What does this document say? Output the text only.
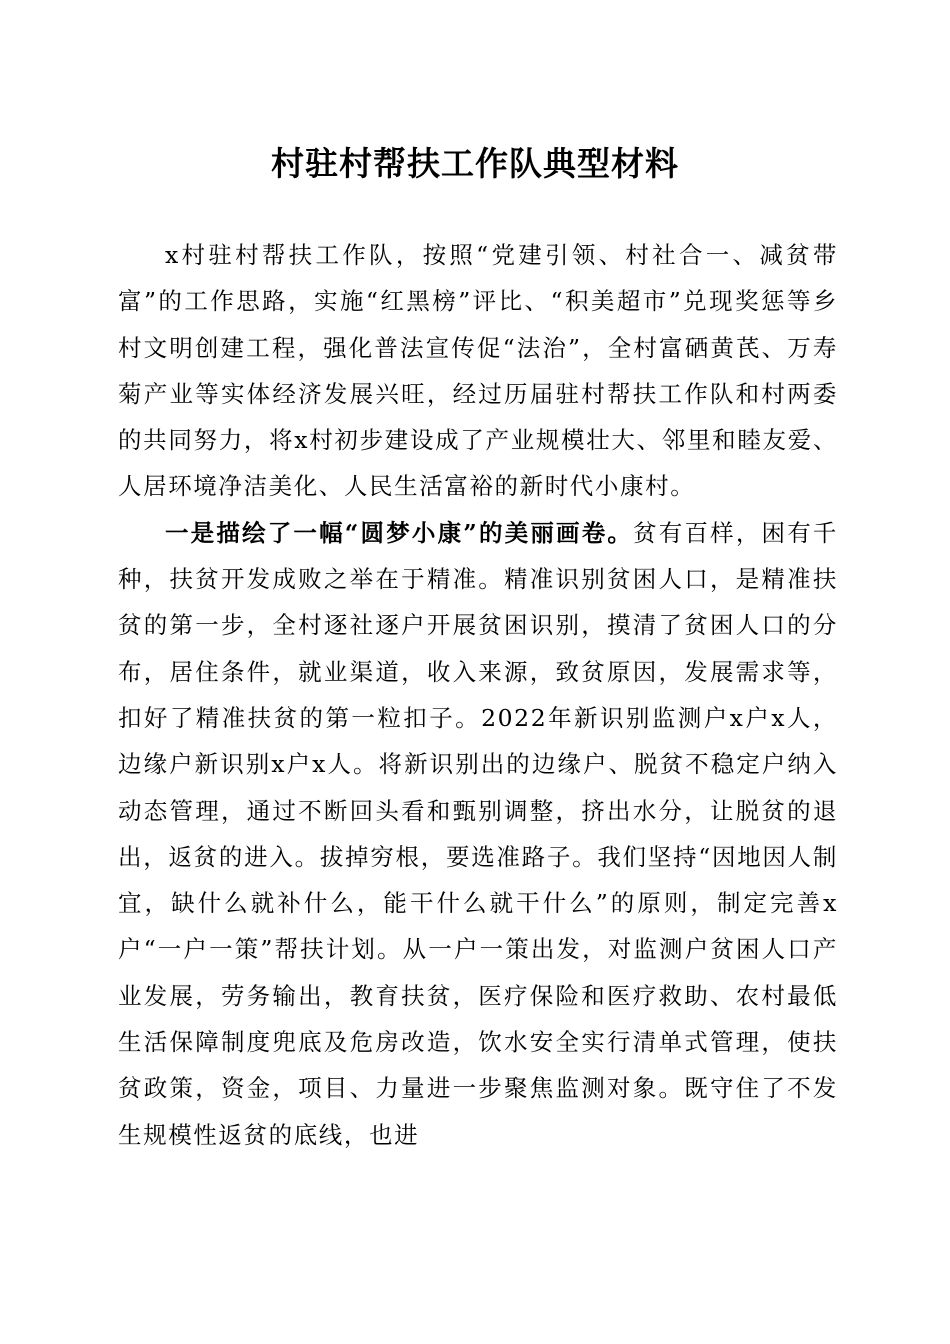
村驻村帮扶工作队典型材料

x村驻村帮扶工作队，按照“党建引领、村社合一、减贫带富”的工作思路，实施“红黑榜”评比、“积美超市”兑现奖惩等乡村文明创建工程，强化普法宣传促“法治”，全村富硒黄芪、万寿菊产业等实体经济发展兴旺，经过历届驻村帮扶工作队和村两委的共同努力，将x村初步建设成了产业规模壮大、邻里和睦友爱、人居环境净洁美化、人民生活富裕的新时代小康村。

一是描绘了一幅“圆梦小康”的美丽画卷。贫有百样，困有千种，扶贫开发成败之举在于精准。精准识别贫困人口，是精准扶贫的第一步，全村逐社逐户开展贫困识别，摸清了贫困人口的分布，居住条件，就业渠道，收入来源，致贫原因，发展需求等，扣好了精准扶贫的第一粒扣子。2022年新识别监测户x户x人，边缘户新识别x户x人。将新识别出的边缘户、脱贫不稳定户纳入动态管理，通过不断回头看和甄别调整，挤出水分，让脱贫的退出，返贫的进入。拔掉穷根，要选准路子。我们坚持“因地因人制宜，缺什么就补什么，能干什么就干什么”的原则，制定完善x户“一户一策”帮扶计划。从一户一策出发，对监测户贫困人口产业发展，劳务输出，教育扶贫，医疗保险和医疗救助、农村最低生活保障制度兜底及危房改造，饮水安全实行清单式管理，使扶贫政策，资金，项目、力量进一步聚焦监测对象。既守住了不发生规模性返贫的底线，也进
